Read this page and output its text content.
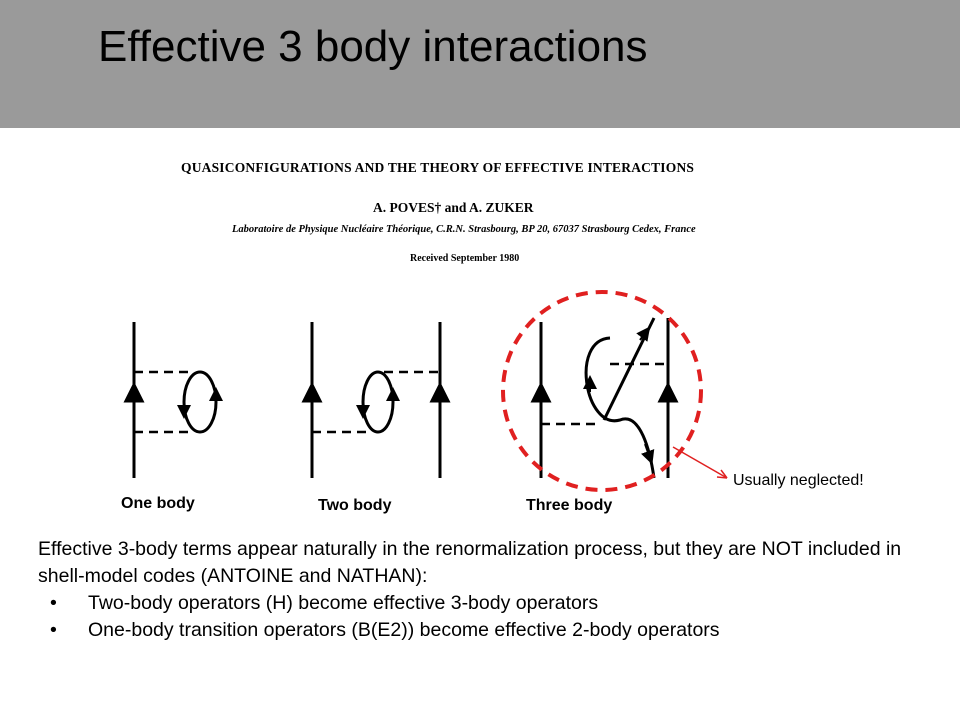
Effective 3 body interactions
QUASICONFIGURATIONS AND THE THEORY OF EFFECTIVE INTERACTIONS
A. POVES† and A. ZUKER
Laboratoire de Physique Nucléaire Théorique, C.R.N. Strasbourg, BP 20, 67037 Strasbourg Cedex, France
Received September 1980
One body	Two body	Three body
Usually neglected!

Effective 3-body terms appear naturally in the renormalization process, but they are NOT included in shell-model codes (ANTOINE and NATHAN):

• Two-body operators (H) become effective 3-body operators
• One-body transition operators (B(E2)) become effective 2-body operators
